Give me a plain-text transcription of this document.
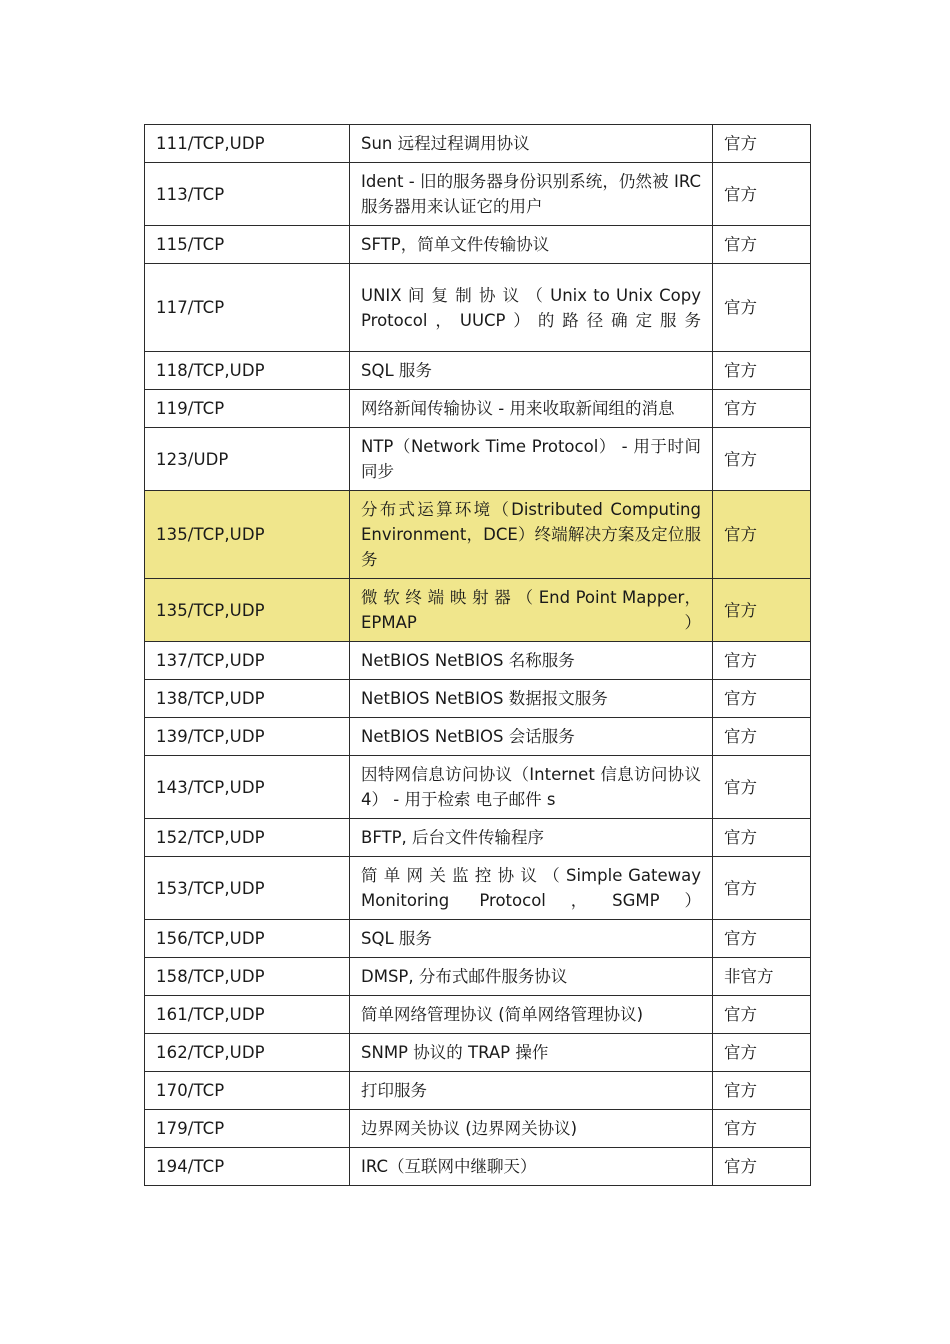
111/TCP,UDP	Sun 远程过程调用协议	官方
113/TCP	Ident - 旧的服务器身份识别系统，仍然被 IRC 服务器用来认证它的用户	官方
115/TCP	SFTP，简单文件传输协议	官方
117/TCP	UNIX 间 复 制 协 议 （ Unix to Unix Copy Protocol，UUCP）的路径确定服务	官方
118/TCP,UDP	SQL 服务	官方
119/TCP	网络新闻传输协议 - 用来收取新闻组的消息	官方
123/UDP	NTP（Network Time Protocol） - 用于时间同步	官方
135/TCP,UDP	分布式运算环境（Distributed Computing Environment，DCE）终端解决方案及定位服务	官方
135/TCP,UDP	微 软 终 端 映 射 器 （ End Point Mapper，EPMAP）	官方
137/TCP,UDP	NetBIOS NetBIOS 名称服务	官方
138/TCP,UDP	NetBIOS NetBIOS 数据报文服务	官方
139/TCP,UDP	NetBIOS NetBIOS 会话服务	官方
143/TCP,UDP	因特网信息访问协议（Internet 信息访问协议 4） - 用于检索 电子邮件 s	官方
152/TCP,UDP	BFTP, 后台文件传输程序	官方
153/TCP,UDP	简 单 网 关 监 控 协 议 （ Simple Gateway Monitoring Protocol，SGMP）	官方
156/TCP,UDP	SQL 服务	官方
158/TCP,UDP	DMSP, 分布式邮件服务协议	非官方
161/TCP,UDP	简单网络管理协议 (简单网络管理协议)	官方
162/TCP,UDP	SNMP 协议的 TRAP 操作	官方
170/TCP	打印服务	官方
179/TCP	边界网关协议 (边界网关协议)	官方
194/TCP	IRC（互联网中继聊天）	官方
